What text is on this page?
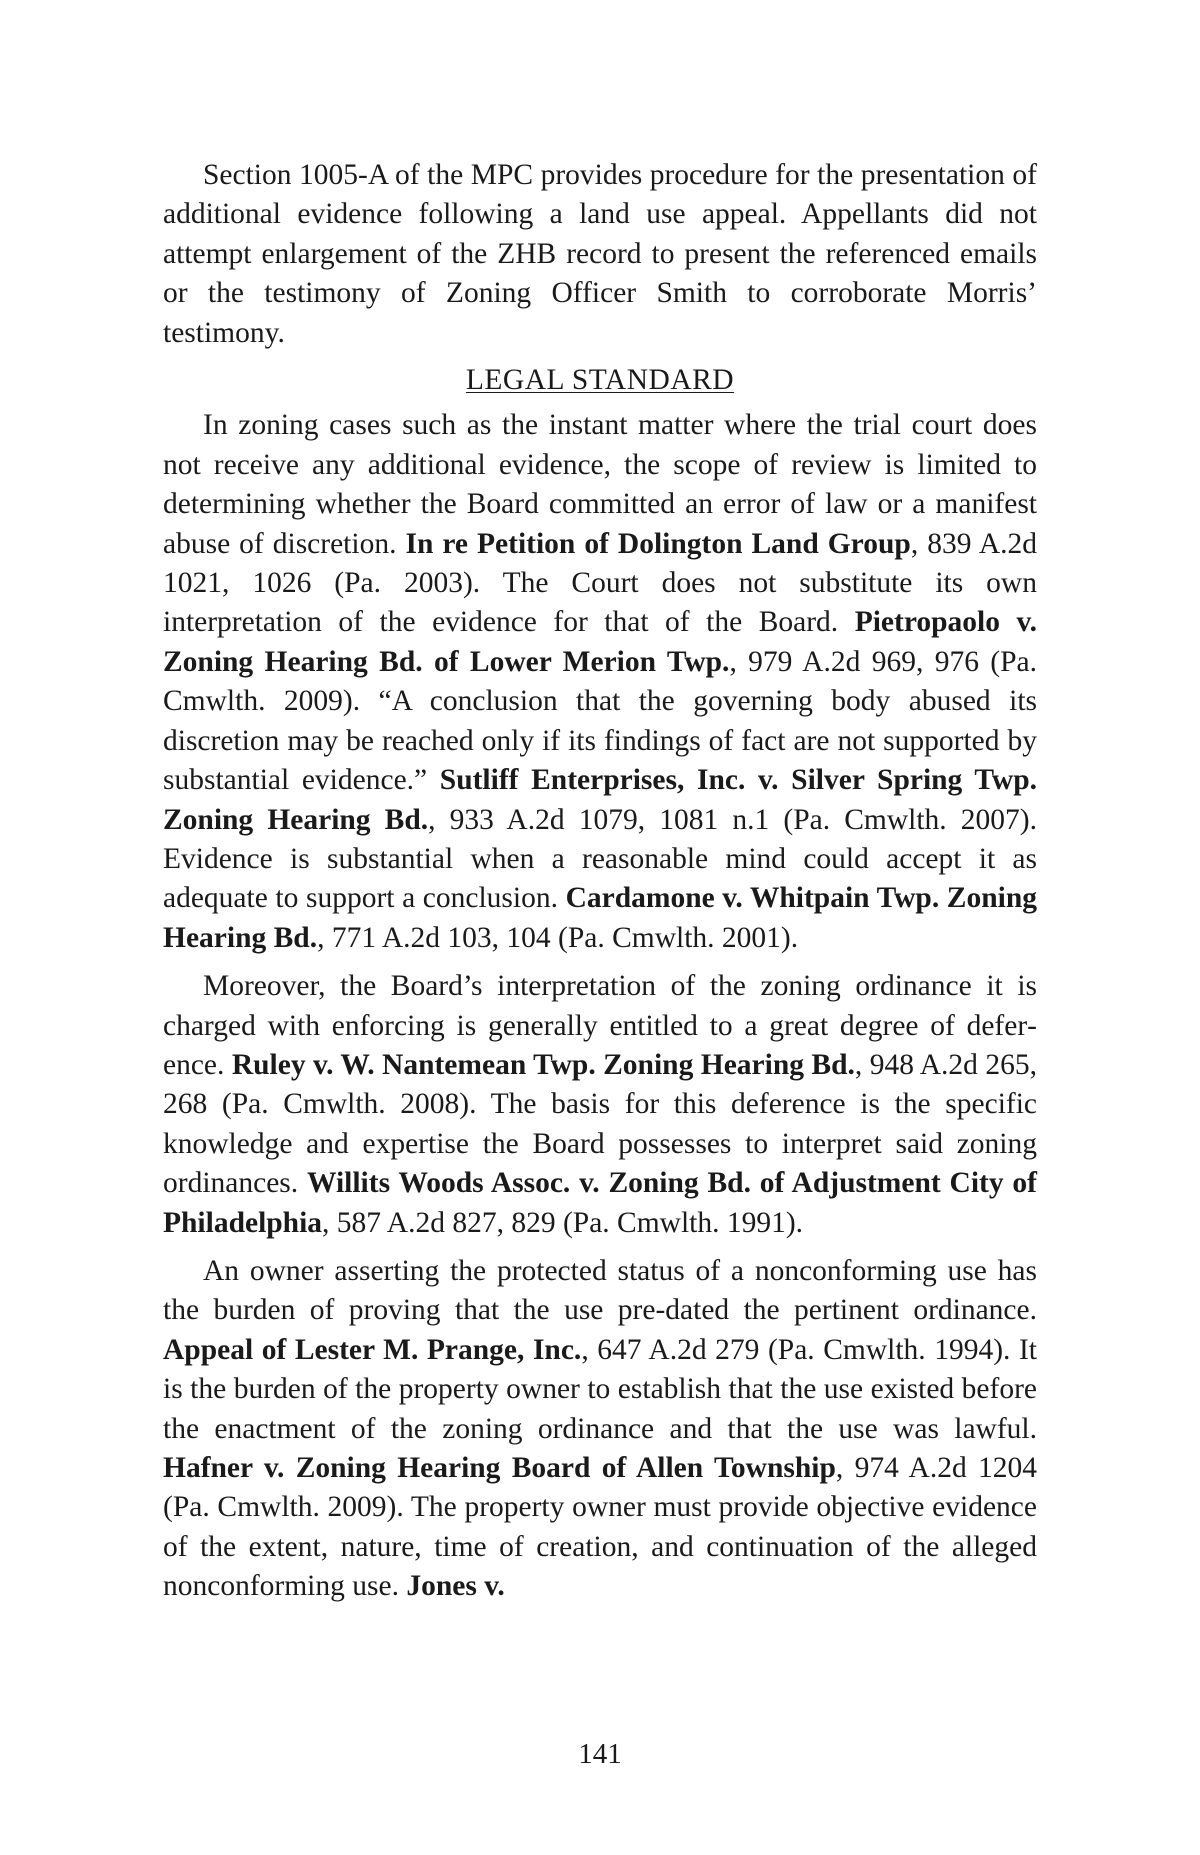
Section 1005-A of the MPC provides procedure for the presentation of additional evidence following a land use appeal. Appellants did not attempt enlargement of the ZHB record to present the referenced emails or the testimony of Zoning Officer Smith to corroborate Morris’ testimony.

LEGAL STANDARD

In zoning cases such as the instant matter where the trial court does not receive any additional evidence, the scope of review is limited to determining whether the Board committed an error of law or a manifest abuse of discretion. In re Petition of Dolington Land Group, 839 A.2d 1021, 1026 (Pa. 2003). The Court does not substitute its own interpretation of the evidence for that of the Board. Pietropaolo v. Zoning Hearing Bd. of Lower Merion Twp., 979 A.2d 969, 976 (Pa. Cmwlth. 2009). “A conclusion that the governing body abused its discretion may be reached only if its findings of fact are not supported by substantial evidence.” Sutliff Enterprises, Inc. v. Silver Spring Twp. Zoning Hearing Bd., 933 A.2d 1079, 1081 n.1 (Pa. Cmwlth. 2007). Evidence is substantial when a reasonable mind could accept it as adequate to support a conclusion. Cardamone v. Whitpain Twp. Zoning Hearing Bd., 771 A.2d 103, 104 (Pa. Cmwlth. 2001).

Moreover, the Board’s interpretation of the zoning ordinance it is charged with enforcing is generally entitled to a great degree of deference. Ruley v. W. Nantemean Twp. Zoning Hearing Bd., 948 A.2d 265, 268 (Pa. Cmwlth. 2008). The basis for this deference is the specific knowledge and expertise the Board possesses to interpret said zoning ordinances. Willits Woods Assoc. v. Zoning Bd. of Adjustment City of Philadelphia, 587 A.2d 827, 829 (Pa. Cmwlth. 1991).

An owner asserting the protected status of a nonconforming use has the burden of proving that the use pre-dated the pertinent ordinance. Appeal of Lester M. Prange, Inc., 647 A.2d 279 (Pa. Cmwlth. 1994). It is the burden of the property owner to establish that the use existed before the enactment of the zoning ordinance and that the use was lawful. Hafner v. Zoning Hearing Board of Allen Township, 974 A.2d 1204 (Pa. Cmwlth. 2009). The property owner must provide objective evidence of the extent, nature, time of creation, and continuation of the alleged nonconforming use. Jones v.

141
